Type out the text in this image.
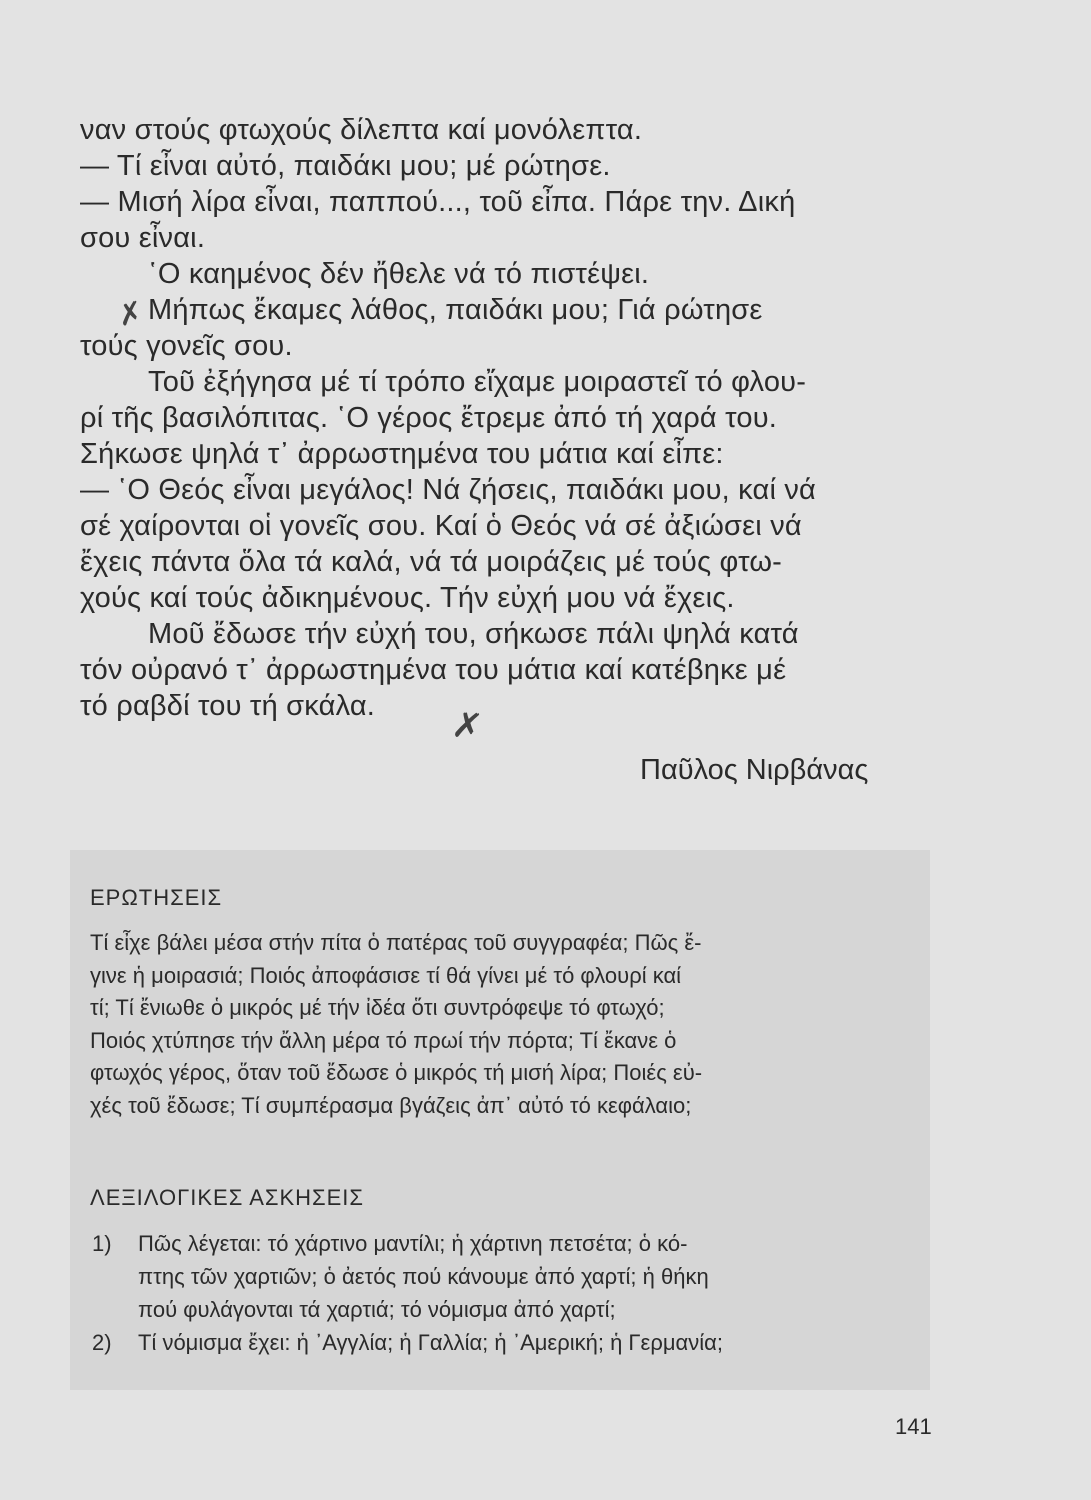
ναν στούς φτωχούς δίλεπτα καί μονόλεπτα.
— Τί εἶναι αὐτό, παιδάκι μου; μέ ρώτησε.
— Μισή λίρα εἶναι, παππού..., τοῦ εἶπα. Πάρε την. Δική
σου εἶναι.
῾Ο καημένος δέν ἤθελε νά τό πιστέψει.
Μήπως ἔκαμες λάθος, παιδάκι μου; Γιά ρώτησε
τούς γονεῖς σου.
Τοῦ ἐξήγησα μέ τί τρόπο εἴχαμε μοιραστεῖ τό φλου-
ρί τῆς βασιλόπιτας. ῾Ο γέρος ἔτρεμε ἀπό τή χαρά του.
Σήκωσε ψηλά τ᾽ ἀρρωστημένα του μάτια καί εἶπε:
— ῾Ο Θεός εἶναι μεγάλος! Νά ζήσεις, παιδάκι μου, καί νά
σέ χαίρονται οἱ γονεῖς σου. Καί ὁ Θεός νά σέ ἀξιώσει νά
ἔχεις πάντα ὅλα τά καλά, νά τά μοιράζεις μέ τούς φτω-
χούς καί τούς ἀδικημένους. Τήν εὐχή μου νά ἔχεις.
Μοῦ ἔδωσε τήν εὐχή του, σήκωσε πάλι ψηλά κατά
τόν οὐρανό τ᾽ ἀρρωστημένα του μάτια καί κατέβηκε μέ
τό ραβδί του τή σκάλα.
Παῦλος Νιρβάνας
✗
✗
ΕΡΩΤΗΣΕΙΣ
Τί εἶχε βάλει μέσα στήν πίτα ὁ πατέρας τοῦ συγγραφέα; Πῶς ἔ-
γινε ἡ μοιρασιά; Ποιός ἀποφάσισε τί θά γίνει μέ τό φλουρί καί
τί; Τί ἔνιωθε ὁ μικρός μέ τήν ἰδέα ὅτι συντρόφεψε τό φτωχό;
Ποιός χτύπησε τήν ἄλλη μέρα τό πρωί τήν πόρτα; Τί ἔκανε ὁ
φτωχός γέρος, ὅταν τοῦ ἔδωσε ὁ μικρός τή μισή λίρα; Ποιές εὐ-
χές τοῦ ἔδωσε; Τί συμπέρασμα βγάζεις ἀπ᾽ αὐτό τό κεφάλαιο;
ΛΕΞΙΛΟΓΙΚΕΣ ΑΣΚΗΣΕΙΣ
1)	Πῶς λέγεται: τό χάρτινο μαντίλι; ἡ χάρτινη πετσέτα; ὁ κό-
πτης τῶν χαρτιῶν; ὁ ἀετός πού κάνουμε ἀπό χαρτί; ἡ θήκη
πού φυλάγονται τά χαρτιά; τό νόμισμα ἀπό χαρτί;
2)	Τί νόμισμα ἔχει: ἡ ᾽Αγγλία; ἡ Γαλλία; ἡ ᾽Αμερική; ἡ Γερμανία;
141
